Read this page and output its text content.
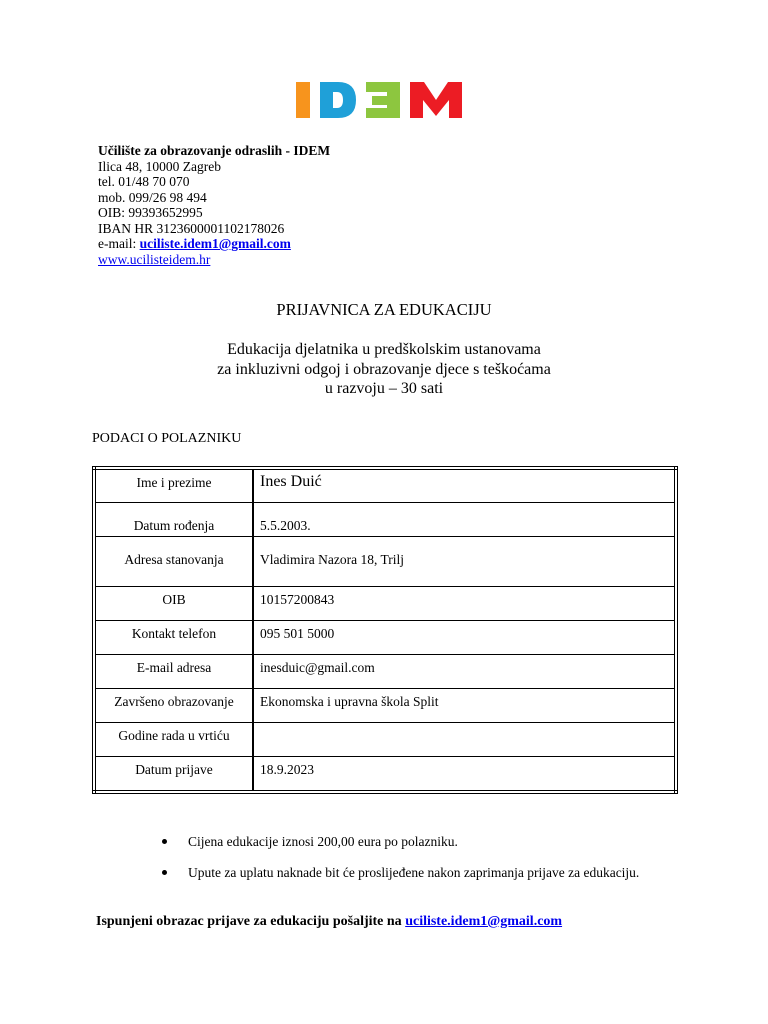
Učilište za obrazovanje odraslih - IDEM
Ilica 48, 10000 Zagreb
tel. 01/48 70 070
mob. 099/26 98 494
OIB: 99393652995
IBAN HR 3123600001102178026
e-mail: uciliste.idem1@gmail.com
www.ucilisteidem.hr
PRIJAVNICA ZA EDUKACIJU
Edukacija djelatnika u predškolskim ustanovama
za inkluzivni odgoj i obrazovanje djece s teškoćama
u razvoju – 30 sati
PODACI O POLAZNIKU
Ime i prezime	Ines Duić
Datum rođenja	5.5.2003.
Adresa stanovanja	Vladimira Nazora 18, Trilj
OIB	10157200843
Kontakt telefon	095 501 5000
E-mail adresa	inesduic@gmail.com
Završeno obrazovanje	Ekonomska i upravna škola Split
Godine rada u vrtiću	
Datum prijave	18.9.2023
Cijena edukacije iznosi 200,00 eura po polazniku.
Upute za uplatu naknade bit će proslijeđene nakon zaprimanja prijave za edukaciju.
Ispunjeni obrazac prijave za edukaciju pošaljite na uciliste.idem1@gmail.com
